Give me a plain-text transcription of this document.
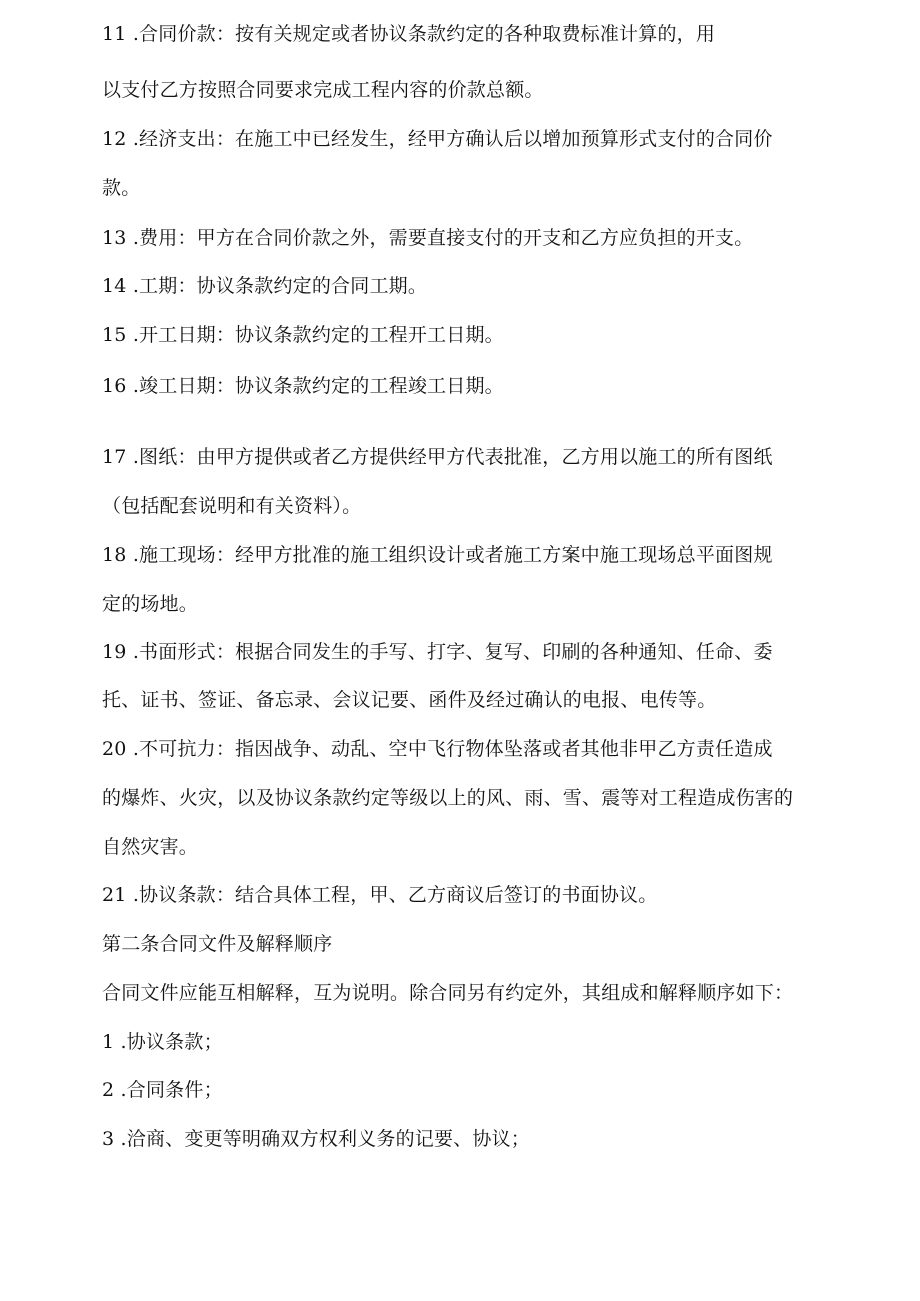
11 .合同价款：按有关规定或者协议条款约定的各种取费标准计算的，用
以支付乙方按照合同要求完成工程内容的价款总额。
12 .经济支出：在施工中已经发生，经甲方确认后以增加预算形式支付的合同价
款。
13 .费用：甲方在合同价款之外，需要直接支付的开支和乙方应负担的开支。
14 .工期：协议条款约定的合同工期。
15 .开工日期：协议条款约定的工程开工日期。
16 .竣工日期：协议条款约定的工程竣工日期。
17 .图纸：由甲方提供或者乙方提供经甲方代表批准，乙方用以施工的所有图纸
（包括配套说明和有关资料）。
18 .施工现场：经甲方批准的施工组织设计或者施工方案中施工现场总平面图规
定的场地。
19 .书面形式：根据合同发生的手写、打字、复写、印刷的各种通知、任命、委
托、证书、签证、备忘录、会议记要、函件及经过确认的电报、电传等。
20 .不可抗力：指因战争、动乱、空中飞行物体坠落或者其他非甲乙方责任造成
的爆炸、火灾，以及协议条款约定等级以上的风、雨、雪、震等对工程造成伤害的
自然灾害。
21 .协议条款：结合具体工程，甲、乙方商议后签订的书面协议。
第二条合同文件及解释顺序
合同文件应能互相解释，互为说明。除合同另有约定外，其组成和解释顺序如下：
1 .协议条款；
2 .合同条件；
3 .洽商、变更等明确双方权利义务的记要、协议；
